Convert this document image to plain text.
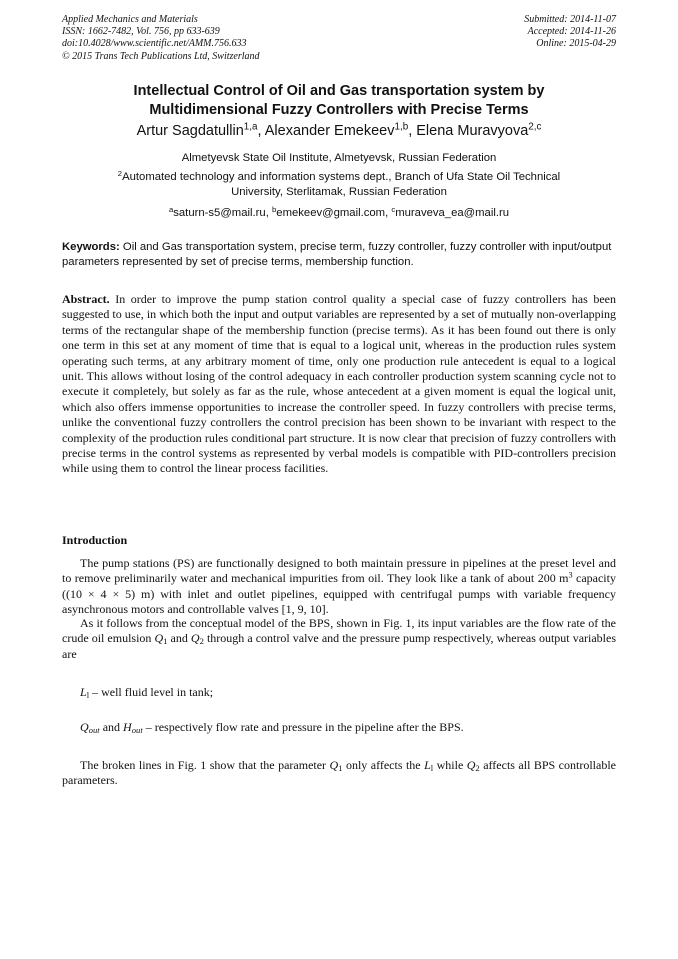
Applied Mechanics and Materials
ISSN: 1662-7482, Vol. 756, pp 633-639
doi:10.4028/www.scientific.net/AMM.756.633
© 2015 Trans Tech Publications Ltd, Switzerland
Submitted: 2014-11-07
Accepted: 2014-11-26
Online: 2015-04-29
Intellectual Control of Oil and Gas transportation system by
Multidimensional Fuzzy Controllers with Precise Terms
Artur Sagdatullin$^{1,a}$, Alexander Emekeev$^{1,b}$, Elena Muravyova$^{2,c}$
Almetyevsk State Oil Institute, Almetyevsk, Russian Federation
$^2$Automated technology and information systems dept., Branch of Ufa State Oil Technical
University, Sterlitamak, Russian Federation
$^a$saturn-s5@mail.ru, $^b$emekeev@gmail.com, $^c$muraveva_ea@mail.ru
Keywords: Oil and Gas transportation system, precise term, fuzzy controller, fuzzy controller with input/output parameters represented by set of precise terms, membership function.
Abstract. In order to improve the pump station control quality a special case of fuzzy controllers has been suggested to use, in which both the input and output variables are represented by a set of mutually non-overlapping terms of the rectangular shape of the membership function (precise terms). As it has been found out there is only one term in this set at any moment of time that is equal to a logical unit, whereas in the production rules system operating such terms, at any arbitrary moment of time, only one production rule antecedent is equal to a logical unit. This allows without losing of the control adequacy in each controller production system scanning cycle not to execute it completely, but solely as far as the rule, whose antecedent at a given moment is equal the logical unit, which also offers immense opportunities to increase the controller speed. In fuzzy controllers with precise terms, unlike the conventional fuzzy controllers the control precision has been shown to be invariant with respect to the complexity of the production rules conditional part structure. It is now clear that precision of fuzzy controllers with precise terms in the control systems as represented by verbal models is compatible with PID-controllers precision while using them to control the linear process facilities.
Introduction
The pump stations (PS) are functionally designed to both maintain pressure in pipelines at the preset level and to remove preliminarily water and mechanical impurities from oil. They look like a tank of about 200 $m^3$ capacity ((10 × 4 × 5) m) with inlet and outlet pipelines, equipped with centrifugal pumps with variable frequency asynchronous motors and controllable valves [1, 9, 10].
As it follows from the conceptual model of the BPS, shown in Fig. 1, its input variables are the flow rate of the crude oil emulsion $Q_1$ and $Q_2$ through a control valve and the pressure pump respectively, whereas output variables are
$L_l$ – well fluid level in tank;
$Q_{out}$ and $H_{out}$ – respectively flow rate and pressure in the pipeline after the BPS.
The broken lines in Fig. 1 show that the parameter $Q_1$ only affects the $L_l$ while $Q_2$ affects all BPS controllable parameters.
